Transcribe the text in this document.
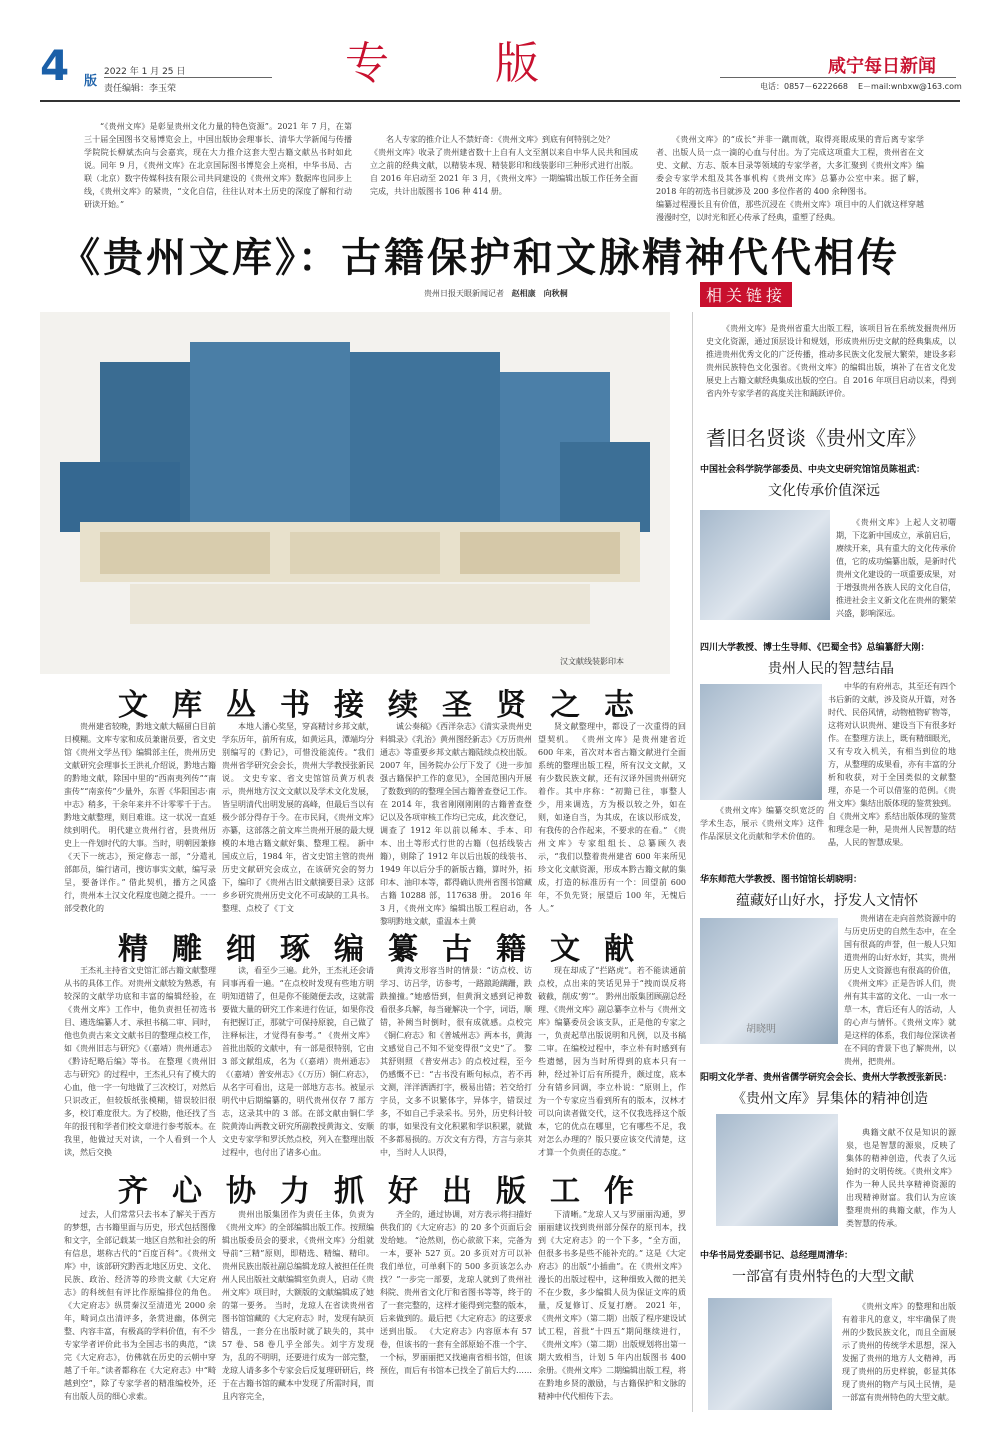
4 版
2022 年 1 月 25 日
责任编辑：李玉荣	专　　版	咸宁每日新闻
电话：0857－6222668 E－mail:wnbxw@163.com

“《贵州文库》是彰显贵州文化力量的特色资源”。2021 年 7 月，在第三十届全国图书交易博览会上，中国出版协会理事长、清华大学新闻与传播学院院长柳斌杰向与会嘉宾，现在大力推介这套大型古籍文献丛书时如此说。同年 9 月，《贵州文库》在北京国际图书博览会上亮相，中华书局、古联（北京）数字传媒科技有限公司共同建设的《贵州文库》数据库也同步上线，《贵州文库》的紧贵，“文化自信，往往认对本土历史的深度了解和行动研读开始。”

名人专家的推介让人不禁好奇：《贵州文库》到底有何特别之处？
《贵州文库》收录了贵州建省数十上自有人文至割以来自中华人民共和国成立之前的经典文献，以精装本现、精装影印和线装影印三种形式进行出版。自 2016 年启动至 2021 年 3 月，《贵州文库》一期编辑出版工作任务全面完成，共计出版图书 106 种 414 册。

《贵州文库》的“成长”并非一蹴而就，取得亮眼成果的背后离专家学者、出版人员一点一滴的心血与付出。为了完成这项重大工程，贵州省在文史、文献、方志、版本目录等领域的专家学者，大多汇聚到《贵州文库》编委会专家学术组及其各事机构《贵州文库》总纂办公室中来。据了解，2018 年的初选书目就涉及 200 多位作者的 400 余种图书。
编纂过程漫长且有价值，那些沉浸在《贵州文库》项目中的人们就这样穿越漫漫时空，以时光和匠心传承了经典，重塑了经典。

《贵州文库》：古籍保护和文脉精神代代相传
贵州日报天眼新闻记者 赵相康　向秋桐
汉文献线装影印本
相关链接

《贵州文库》是贵州省重大出版工程，该项目旨在系统发掘贵州历史文化资源，通过顶层设计和规划，形成贵州历史文献的经典集成，以推进贵州优秀文化的广泛传播，推动多民族文化发展大繁荣，建设多彩贵州民族特色文化强省。《贵州文库》的编辑出版，填补了在省文化发展史上古籍文献经典集成出版的空白。自 2016 年项目启动以来，得到省内外专家学者的高度关注和踊跃评价。

耆旧名贤谈《贵州文库》
中国社会科学院学部委员、中央文史研究馆馆员陈祖武：
文化传承价值深远

《贵州文库》上起人文初曙期，下迄新中国成立，承前启后，赓续开来，具有重大的文化传承价值，它的成功编纂出版，是新时代贵州文化建设的一项重要成果，对于增强贵州各族人民的文化自信，推进社会主义新文化在贵州的繁荣兴盛，影响深远。

四川大学教授、博士生导师、《巴蜀全书》总编纂舒大刚：
贵州人民的智慧结晶

中华的有府州志，其至还有四个书后新的文献，涉及资从开篇，对各时代、民俗风情，动物植物矿物等，这将对认识贵州、建设当下有很多好作。在整理方法上，既有精细眼光，又有专攻入机关，有相当到位的地方，从整理的成果看，亦有丰富的分析和收获，对于全国类似的文献整理，亦是一个可以借鉴的范例。《贵州文库》集结出版体现的鉴赏独到。自《贵州文库》系结出版体现的鉴赏和理念是一种，是贵州人民智慧的结晶，人民的智慧成果。

《贵州文库》编纂交织宽泛的学术生态，展示《贵州文库》这件作品深层文化贡献和学术价值的。

华东师范大学教授、图书馆馆长胡晓明：
蕴藏好山好水，抒发人文情怀
胡晓明

贵州诸在走向首然资源中的与历史历史的自然生态中，在全国有很高的声誉，但一般人只知道贵州的山好水好，其实，贵州历史人文资源也有很高的价值，《贵州文库》正是告诉人们，贵州有其丰富的文化、一山一水一草一木，背后还有人的活动，人的心声与情怀。《贵州文库》就是这样的体系，我们每位深读者在不同的背景下也了解贵州，以贵州，把贵州。

阳明文化学者、贵州省儒学研究会会长、贵州大学教授张新民：
《贵州文库》昇集体的精神创造

典籍文献不仅是知识的源泉，也是智慧的源泉，反映了集体的精神创造，代表了久远始时的文明传统。《贵州文库》作为一种人民共享精神资源的出现精神财富。我们认为应该整理贵州的典籍文献，作为人类智慧的传承。

中华书局党委副书记、总经理周清华：
一部富有贵州特色的大型文献

《贵州文库》的整理和出版有着非凡的意义，牢牢确保了贵州的少数民族文化，而且全面展示了贵州的传统学术思想，深入发掘了贵州的地方人文精神，再现了贵州的历史样貌，彰显其体现了贵州的物产与风土民情，是一部富有贵州特色的大型文献。

文库丛书接续圣贤之志

贵州建省较晚，黔地文献大幅留白目前日模糊。文库专家和成员兼谢员要，省文史馆《贵州文学丛刊》编辑部主任，贵州历史文献研究会理事长王洪礼介绍说，黔地古籍的黔地文献，除国中里的“西南夷列传”“南蛮传”“南蛮传”少量外，东晋《华阳国志·南中志》稍多，干余年来并不计零零千于古。黔地文献整理，则目难谁。这一状况一直延续到明代。 明代建立贵州行省，县贵州历史上一件划时代的大事。当时，明朝因兼修《天下一统志》，预定修志一部，“分遣礼部郎员，编行诸司，搜访事实文献，编写录呈，要备详作。” 借此契机，播方之风盛行，贵州本土汉文化程度也随之提升。一一部受教化的

本地人潘心奖坚，穿高精讨乡邦文献，学东历年，前所有成，如黄运具，潭端均分别编写的《黔记》，可惜没能流传。“我们贵州省学研究会会长，贵州大学教授张新民说。 文史专家、省文史馆馆员黄万机表示，贵州地方汉文文献以及学术文化发展，皆呈明清代出明发展的高峰，但最后当以有极少部分得存于今。在市民间，《贵州文库》亦纂，这部落之前文库兰贵州开展的最大规模的本地古籍文献好集、整理工程。 新中国成立后，1984 年，省文史馆主管的贵州历史文献研究会成立，在该研究会的努力下，编印了《贵州古旧文献摘要目录》这部乡乡研究贵州历史文化不可或缺的工具书。整理、点校了《丁文

诚公奏稿》《西洋杂志》《清实录贵州史料辑录》《乳治》黄州图经新志》《万历贵州通志》等重要乡邦文献古籍陆续点校出版。2007 年，国务院办公厅下发了《进一步加强古籍保护工作的意见》，全国范围内开展了数数到的的整理全国古籍普查登记工作。在 2014 年，我省刚刚刚刚的古籍普查登记以及各项审核工作均已完成，此次登记，调查了 1912 年以前以稀本、手本、印本、出土等形式行世的古籍（包括线装古籍），则除了 1912 年以后出版的线装书、1949 年以后分手的新版古籍，算时外，拓印本、油印本等，都得确认贵州省图书馆藏古籍 10288 部，117638 册。 2016 年 3 月，《贵州文库》编辑出版工程启动，各黎明黔地文献，重温本土黄

贤文献整理中，都设了一次重得的回望契机。 《贵州文库》是贵州建省近 600 年来，首次对本省古籍文献进行全面系统的整理出版工程，所有汉文文献，又有少数民族文献，还有汉译外国贵州研究着作。其中序称：“初黯已往，事整人少，用来调选，方为极以较之外，如在则，如逢自当，为其成，在该以形成发，有我传的合作起来，不要求的在看。” 《贵州文库》专家组组长、总纂顾久表示，“我们以整着贵州建省 600 年来所见珍文化文献资源，形成本黔古籍文献的集成，打造的标准历有一个：回望前 600 年，不负先贤；展望后 100 年，无愧后人。”

精雕细琢编纂古籍文献

王杰礼主持省文史馆汇部古籍文献整理从书的具体工作。对贵州文献较为熟悉，有较深的文献学功底和丰富的编辑经验，在《贵州文库》工作中，他负责担任初选书目、遴选编纂人才、承担书稿二审、同时，他也负责古来文文献书目的整理点校工作，如《贵州旧志与研究》《（嘉靖）贵州通志》《黔诗纪略后编》等书。 在整理《贵州旧志与研究》的过程中，王杰礼只有了模大的心血，他一字一句地做了三次校订，对然后只识改正，但较版纸张模糊，错误较旧很多，校订难度很大。为了校勘，他还找了当年的报刊和学者们校文章进行参考版本。在我里，他做过天对读，一个人看到一个人读，然后交换

读，看至少三遍。此外，王杰礼还会请同事再看一遍。“在点校时发现有些地方明明知道错了，但是你不能随便去改，这就需要做大量的研究工作来进行佐证，如果你没有把握订正，那就宁可保持原貌，自己做了注释标注，才觉得有参考。” 《贵州文库》首批出版的文献中，有一部是很特别，它由 3 部文献组成，名为《（嘉靖）贵州通志》《（嘉靖）普安州志》《（万历）铜仁府志》，从名字可看出，这是一部地方志书。被显示明代中后期编纂的，明代贵州仅存 7 部方志，这录其中的 3 部。在部文献由铜仁学院黄涛山两教文研究所副教授黄海文、安顺文史专家学和罗沃然点校，列入在整理出版过程中，也付出了诸多心血。

黄涛文形容当时的情景：“访点校、访学习、访吕学，访参考，一路踉跄蹒跚，跌跌撞撞。”她感悟到，但黄涧文感到记神数看很多兵解，每当碰解决一个字，词语，顺错，补阙当时倒时，很有成就感。点校完《铜仁府志》和《普城州志》两本书，黄海文感觉自己不知不觉变得很“文史”了。 黎其舒则照 《普安州志》的点校过程，至今仍感慨不已：“古书没有断句标点，若不再文测，洋洋洒洒打字，极易出错；若交给打字员，文多不识繁体字，异体字，错误过多，不如自己手录采书。另外，历史科计较的事，如果没有文化积累和学识积累，就做不多都易损的。万次文有方得，方言与亲其中，当时人人识得，

现在却成了“拦路虎”。若不能读通前点校，点出来的笑话见异于“拽而误反将破截，削成‘剪’”。 黔州出版集团顾副总经理、《贵州文库》副总纂李立朴与《贵州文库》编纂委员会该支队，正是他的专家之一，负责起草出版说明和凡例，以及书稿二审。在编校过程中，李立朴有时感到有些遗憾，因为当时所得到的底本只有一种，经过补订后有所提升，颇过度，底本分有错乡同调，李立朴说：“原则上，作为一个专家应当看到所有的版本，汉林才可以向读者做交代，这不仅我选择这个版本，它的优点在哪里，它有哪些不足，我对怎么办理的？版只要应该交代清楚，这才算一个负责任的态度。”

齐心协力抓好出版工作

过去，人们常常只去书本了解关于西方的梦想，古书籍里面与历史，形式包括图像和文字，全部记载某一地区自然和社会的所有信息，堪称古代的“百度百科”。《贵州文库》中，该部研究黔西北地区历史、文化、民族、政治、经济等的珍贵文献《大定府志》的科统但有评比作原编排位的角色。 《大定府志》纵贯秦汉至清道光 2000 余年，畸词点出清评多，条赏进幽，体例完整、内容丰富，有极高的学料价值，有不少专家学者评价此书为全国志书的典范，“读完《大定府志》，仿佛就在历史的云朝中穿越了千年。”读者都称在《大定府志》中“畸越到空”，除了专家学者的精准编校外，还有出版人员的细心求索。

贵州出版集团作为责任主体，负责为《贵州文库》的全部编辑出版工作。按照编辑出版委员会的要求，《贵州文库》分组就导前“三精”原则，即精选、精编、精印。贵州民族出版社副总编辑龙琼人被担任任贵州人民出版社文献编辑室负责人，启动《贵州文库》项目时，大额版的文献编辑成了她的第一要务。 当时，龙琼人在省读贵州省图书馆馆藏的《大定府志》时，发现有缺页错乱，一套分在出版时就了缺失的，其中 57 卷、58 卷几乎全部失。刘宇方发现为，乱的不明明，还要进行成为一部完整，龙琼人请多多个专家会后反复理研研后，终于在古籍书馆的藏本中发现了所需时间，而且内容完全，

齐全的，通过协调，对方表示将扫描好供我们的《大定府志》的 20 多个页面后会发给她。 “沧然则，伤心欲欲下来，完备为一本，要补 527 页。20 多页对方可以补我们单位，可单剩下的 500 多页该怎么办找？”一步完一部要，龙琼人就到了贵州社科院、贵州省文化厅和省图书等等，终于的了一套完整的，这样才能得到完整的版本，后来做到的。最后把《大定府志》的这要求送到出版。 《大定府志》内容原本有 57 卷，但该书的一套有全部原始不准一个字、一个标，罗丽丽把又找遍南省相书馆，但该预佐，而后有书馆本已找全了前后大约……

下清晰。”龙琼人又与罗丽丽沟通，罗丽丽建议找到贵州部分保存的原刊本，找到《大定府志》的一个下多，“全方面，但很多书多是些不能补充的。” 这是《大定府志》的出版“小插曲”。在《贵州文库》漫长的出版过程中，这种细致入微的把关不在少数，多少编辑人员为保证文库的质量，反复修订、反复打磨。 2021 年，《贵州文库》（第二期）出版了程序建设试试工程，首批“十四五”期间继续进行，《贵州文库》（第二期）出版规划将出第一期大致相当，计划 5 年内出版图书 400 余册。《贵州文库》二期编辑出版工程，将在黔地乡贤的激励，与古籍保护和文脉的精神中代代相传下去。
